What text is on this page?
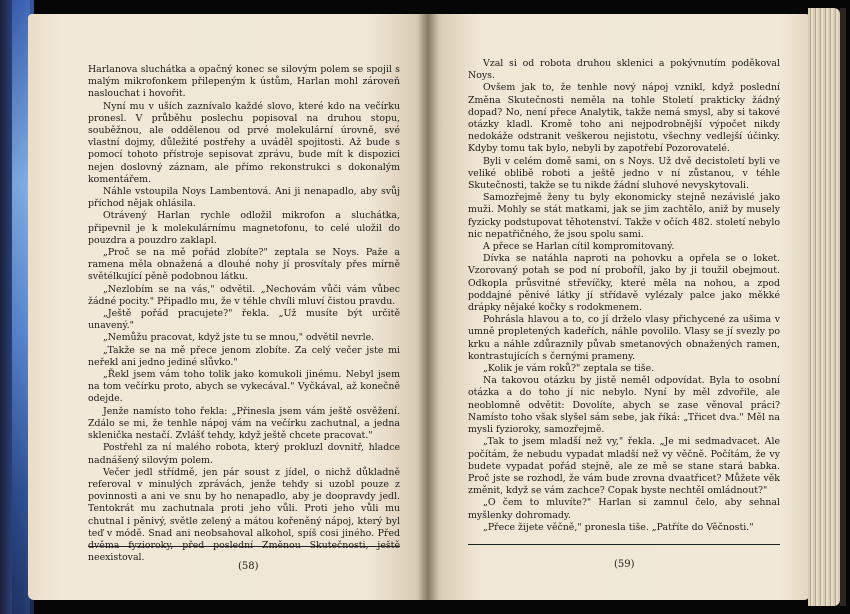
Harlanova sluchátka a opačný konec se silovým polem se spojil s malým mikrofonkem přilepeným k ústům, Harlan mohl zároveň naslouchat i hovořit.

Nyní mu v uších zaznívalo každé slovo, které kdo na večírku pronesl. V průběhu poslechu popisoval na druhou stopu, souběžnou, ale oddělenou od prvé molekulární úrovně, své vlastní dojmy, důležité postřehy a uváděl spojitosti. Až bude s pomocí tohoto přístroje sepisovat zprávu, bude mít k dispozici nejen doslovný záznam, ale přímo rekonstrukci s dokonalým komentářem.

Náhle vstoupila Noys Lambentová. Ani ji nenapadlo, aby svůj příchod nějak ohlásila.

Otrávený Harlan rychle odložil mikrofon a sluchátka, připevnil je k molekulárnímu magnetofonu, to celé uložil do pouzdra a pouzdro zaklapl.

„Proč se na mě pořád zlobíte?" zeptala se Noys. Paže a ramena měla obnažená a dlouhé nohy jí prosvítaly přes mírně světélkující pěně podobnou látku.

„Nezlobím se na vás," odvětil. „Nechovám vůči vám vůbec žádné pocity." Připadlo mu, že v téhle chvíli mluví čistou pravdu.

„Ještě pořád pracujete?" řekla. „Už musíte být určitě unavený."

„Nemůžu pracovat, když jste tu se mnou," odvětil nevrle.

„Takže se na mě přece jenom zlobíte. Za celý večer jste mi neřekl ani jedno jediné slůvko."

„Řekl jsem vám toho tolik jako komukoli jinému. Nebyl jsem na tom večírku proto, abych se vykecával." Vyčkával, až konečně odejde.

Jenže namísto toho řekla: „Přinesla jsem vám ještě osvěžení. Zdálo se mi, že tenhle nápoj vám na večírku zachutnal, a jedna sklenička nestačí. Zvlášť tehdy, když ještě chcete pracovat."

Postřehl za ní malého robota, který prokluzl dovnitř, hladce nadnášený silovým polem.

Večer jedl střídmě, jen pár soust z jídel, o nichž důkladně referoval v minulých zprávách, jenže tehdy si uzobl pouze z povinnosti a ani ve snu by ho nenapadlo, aby je doopravdy jedl. Tentokrát mu zachutnala proti jeho vůli. Proti jeho vůli mu chutnal i pěnivý, světle zelený a mátou kořeněný nápoj, který byl teď v módě. Snad ani neobsahoval alkohol, spíš cosi jiného. Před dvěma fyzioroky, před poslední Změnou Skutečnosti, ještě neexistoval.

(58)

Vzal si od robota druhou sklenici a pokývnutím poděkoval Noys.

Ovšem jak to, že tenhle nový nápoj vznikl, když poslední Změna Skutečnosti neměla na tohle Století prakticky žádný dopad? No, není přece Analytik, takže nemá smysl, aby si takové otázky kladl. Kromě toho ani nejpodrobnější výpočet nikdy nedokáže odstranit veškerou nejistotu, všechny vedlejší účinky. Kdyby tomu tak bylo, nebyli by zapotřebí Pozorovatelé.

Byli v celém domě sami, on s Noys. Už dvě decistoletí byli ve veliké oblibě roboti a ještě jedno v ní zůstanou, v téhle Skutečnosti, takže se tu nikde žádní sluhové nevyskytovali.

Samozřejmě ženy tu byly ekonomicky stejně nezávislé jako muži. Mohly se stát matkami, jak se jim zachtělo, aniž by musely fyzicky podstupovat těhotenství. Takže v očích 482. století nebylo nic nepatřičného, že jsou spolu sami.

A přece se Harlan cítil kompromitovaný.

Dívka se natáhla naproti na pohovku a opřela se o loket. Vzorovaný potah se pod ní proboříl, jako by ji toužil obejmout. Odkopla průsvitné střevíčky, které měla na nohou, a zpod poddajné pěnivé látky jí střídavě vylézaly palce jako měkké drápky nějaké kočky s rodokmenem.

Pohrásla hlavou a to, co jí drželo vlasy přichycené za ušima v umně propletených kadeřích, náhle povolilo. Vlasy se jí svezly po krku a náhle zdůraznily půvab smetanových obnažených ramen, kontrastujících s černými prameny.

„Kolik je vám roků?" zeptala se tiše.

Na takovou otázku by jistě neměl odpovídat. Byla to osobní otázka a do toho jí nic nebylo. Nyní by měl zdvořile, ale neoblomně odvětit: Dovolíte, abych se zase věnoval práci? Namísto toho však slyšel sám sebe, jak říká: „Třicet dva." Měl na mysli fyzioroky, samozřejmě.

„Tak to jsem mladší než vy," řekla. „Je mi sedmadvacet. Ale počítám, že nebudu vypadat mladší než vy věčně. Počítám, že vy budete vypadat pořád stejně, ale ze mě se stane stará babka. Proč jste se rozhodl, že vám bude zrovna dvaatřicet? Můžete věk změnit, když se vám zachce? Copak byste nechtěl omládnout?"

„O čem to mluvíte?" Harlan si zamnul čelo, aby sehnal myšlenky dohromady.

„Přece žijete věčně," pronesla tiše. „Patříte do Věčnosti."

(59)
